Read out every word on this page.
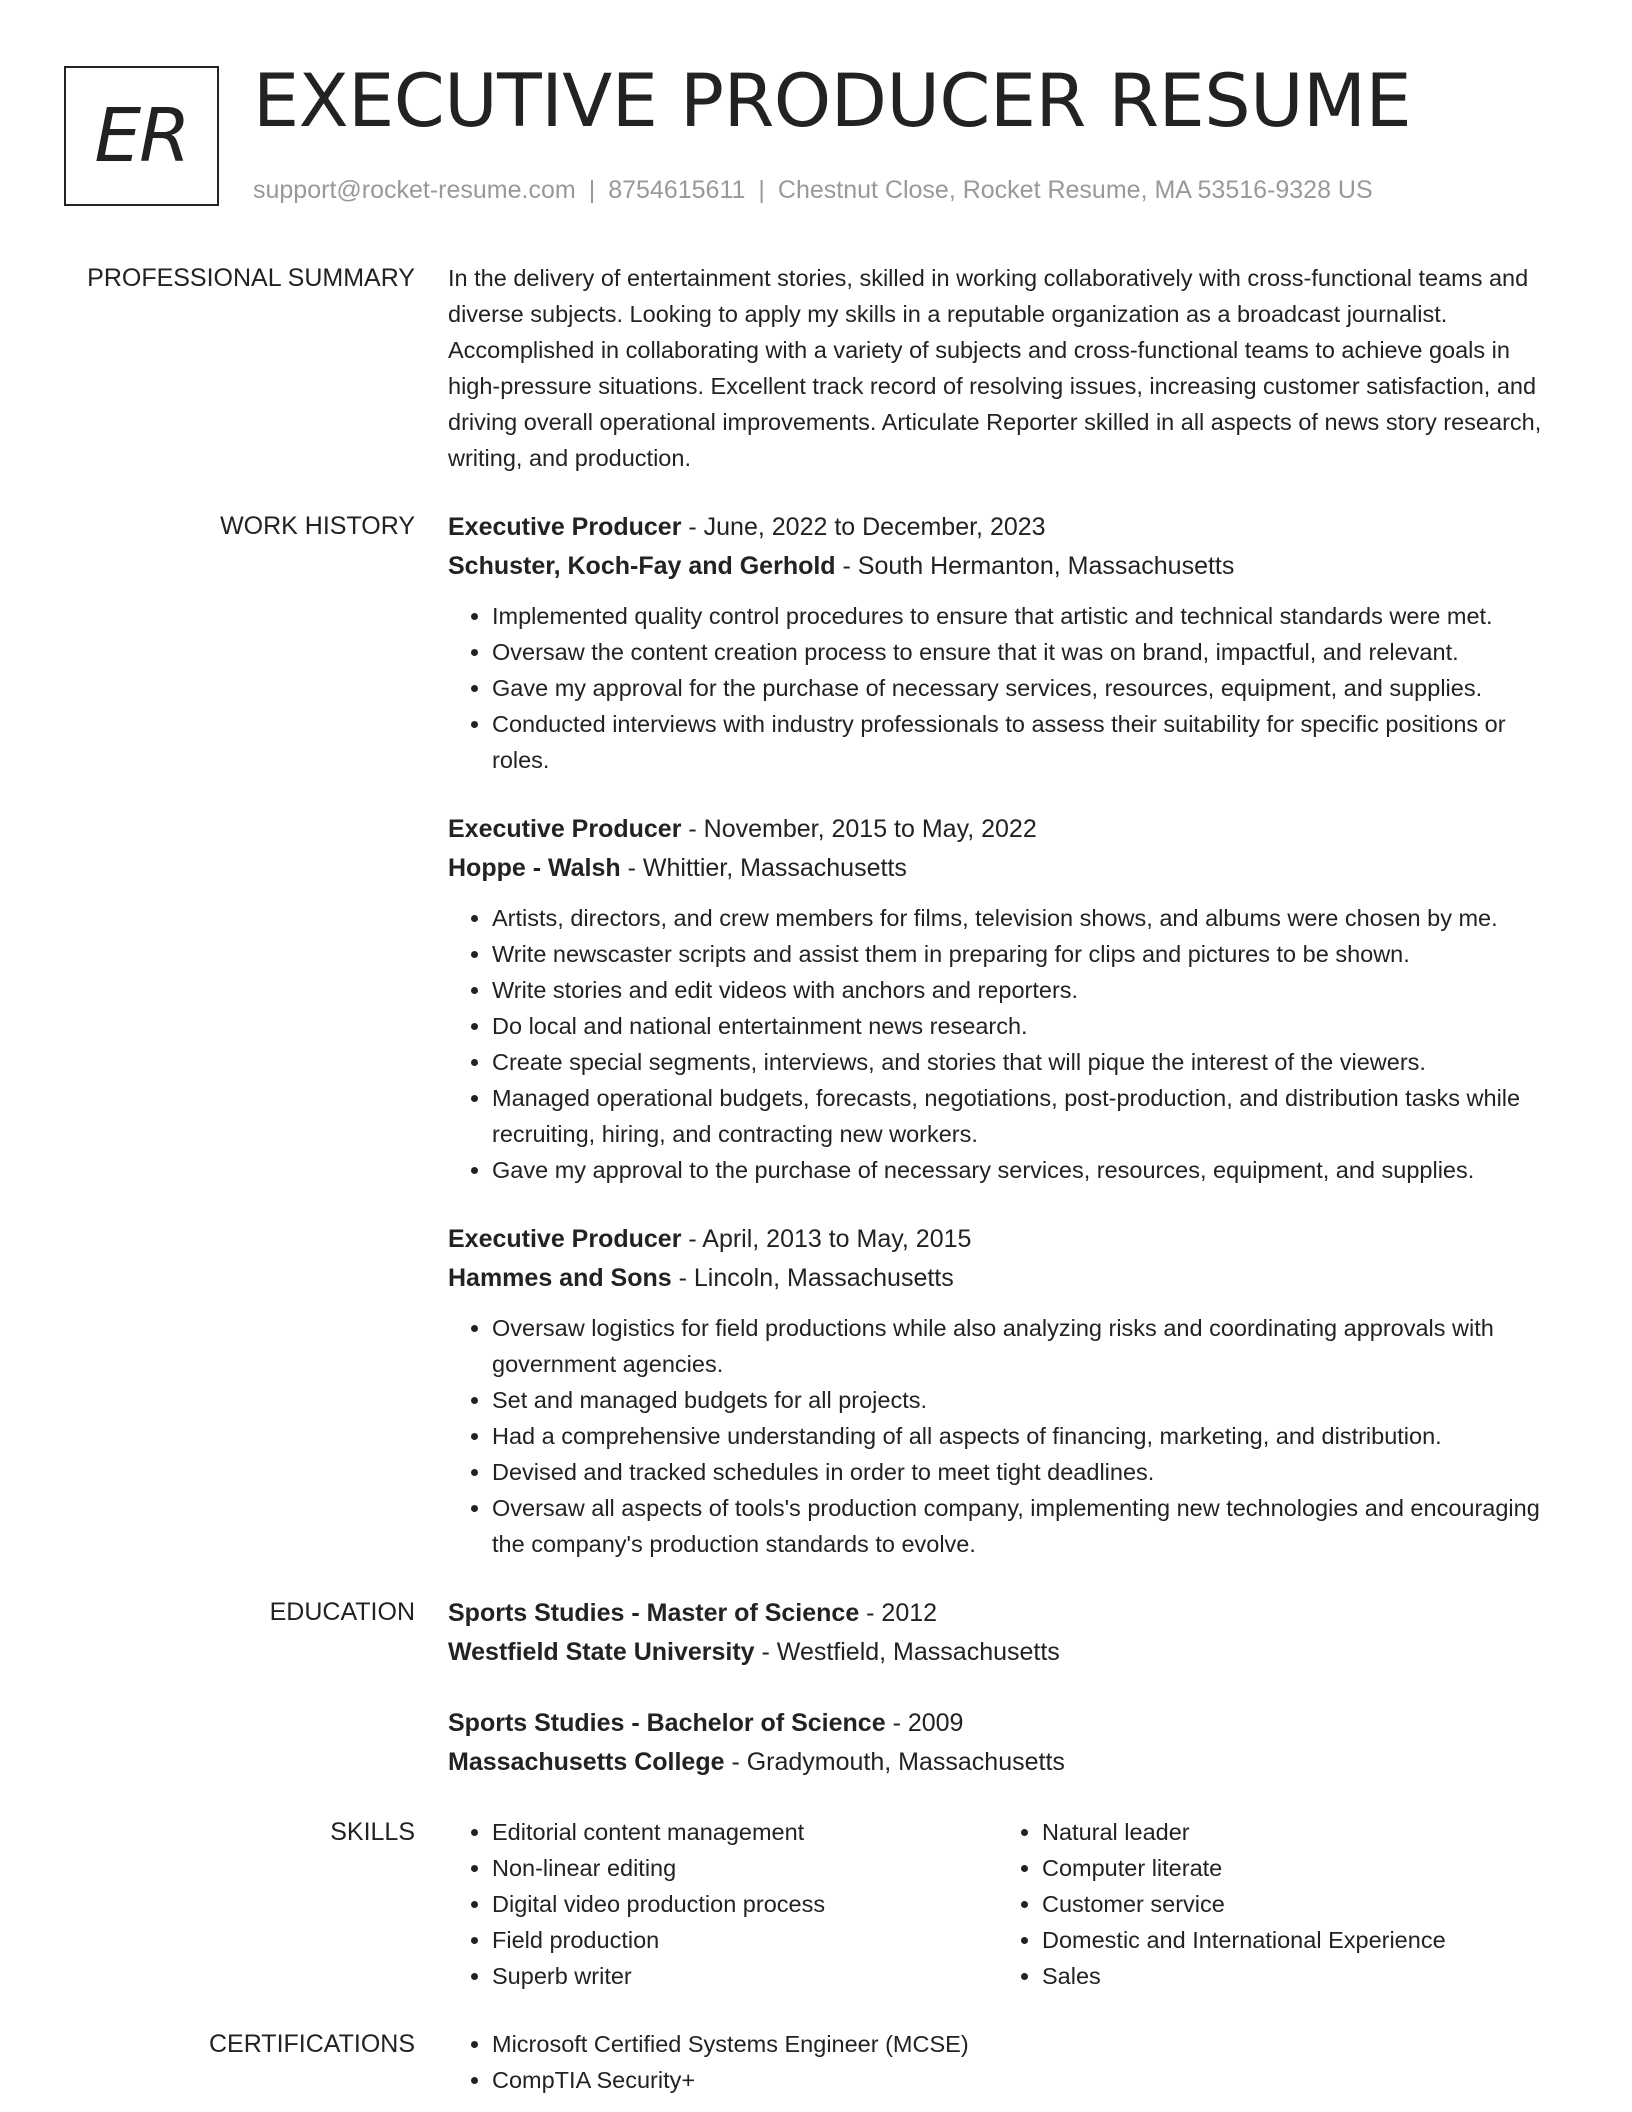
ER EXECUTIVE PRODUCER RESUME
support@rocket-resume.com | 8754615611 | Chestnut Close, Rocket Resume, MA 53516-9328 US
PROFESSIONAL SUMMARY In the delivery of entertainment stories, skilled in working collaboratively with cross-functional teams and diverse subjects. Looking to apply my skills in a reputable organization as a broadcast journalist. Accomplished in collaborating with a variety of subjects and cross-functional teams to achieve goals in high-pressure situations. Excellent track record of resolving issues, increasing customer satisfaction, and driving overall operational improvements. Articulate Reporter skilled in all aspects of news story research, writing, and production.
WORK HISTORY Executive Producer - June, 2022 to December, 2023
Schuster, Koch-Fay and Gerhold - South Hermanton, Massachusetts
• Implemented quality control procedures to ensure that artistic and technical standards were met.
• Oversaw the content creation process to ensure that it was on brand, impactful, and relevant.
• Gave my approval for the purchase of necessary services, resources, equipment, and supplies.
• Conducted interviews with industry professionals to assess their suitability for specific positions or roles.
Executive Producer - November, 2015 to May, 2022
Hoppe - Walsh - Whittier, Massachusetts
• Artists, directors, and crew members for films, television shows, and albums were chosen by me.
• Write newscaster scripts and assist them in preparing for clips and pictures to be shown.
• Write stories and edit videos with anchors and reporters.
• Do local and national entertainment news research.
• Create special segments, interviews, and stories that will pique the interest of the viewers.
• Managed operational budgets, forecasts, negotiations, post-production, and distribution tasks while recruiting, hiring, and contracting new workers.
• Gave my approval to the purchase of necessary services, resources, equipment, and supplies.
Executive Producer - April, 2013 to May, 2015
Hammes and Sons - Lincoln, Massachusetts
• Oversaw logistics for field productions while also analyzing risks and coordinating approvals with government agencies.
• Set and managed budgets for all projects.
• Had a comprehensive understanding of all aspects of financing, marketing, and distribution.
• Devised and tracked schedules in order to meet tight deadlines.
• Oversaw all aspects of tools's production company, implementing new technologies and encouraging the company's production standards to evolve.
EDUCATION Sports Studies - Master of Science - 2012
Westfield State University - Westfield, Massachusetts
Sports Studies - Bachelor of Science - 2009
Massachusetts College - Gradymouth, Massachusetts
SKILLS	• Editorial content management
• Non-linear editing
• Digital video production process
• Field production
• Superb writer
• Natural leader
• Computer literate
• Customer service
• Domestic and International Experience
• Sales
CERTIFICATIONS	• Microsoft Certified Systems Engineer (MCSE)
• CompTIA Security+
